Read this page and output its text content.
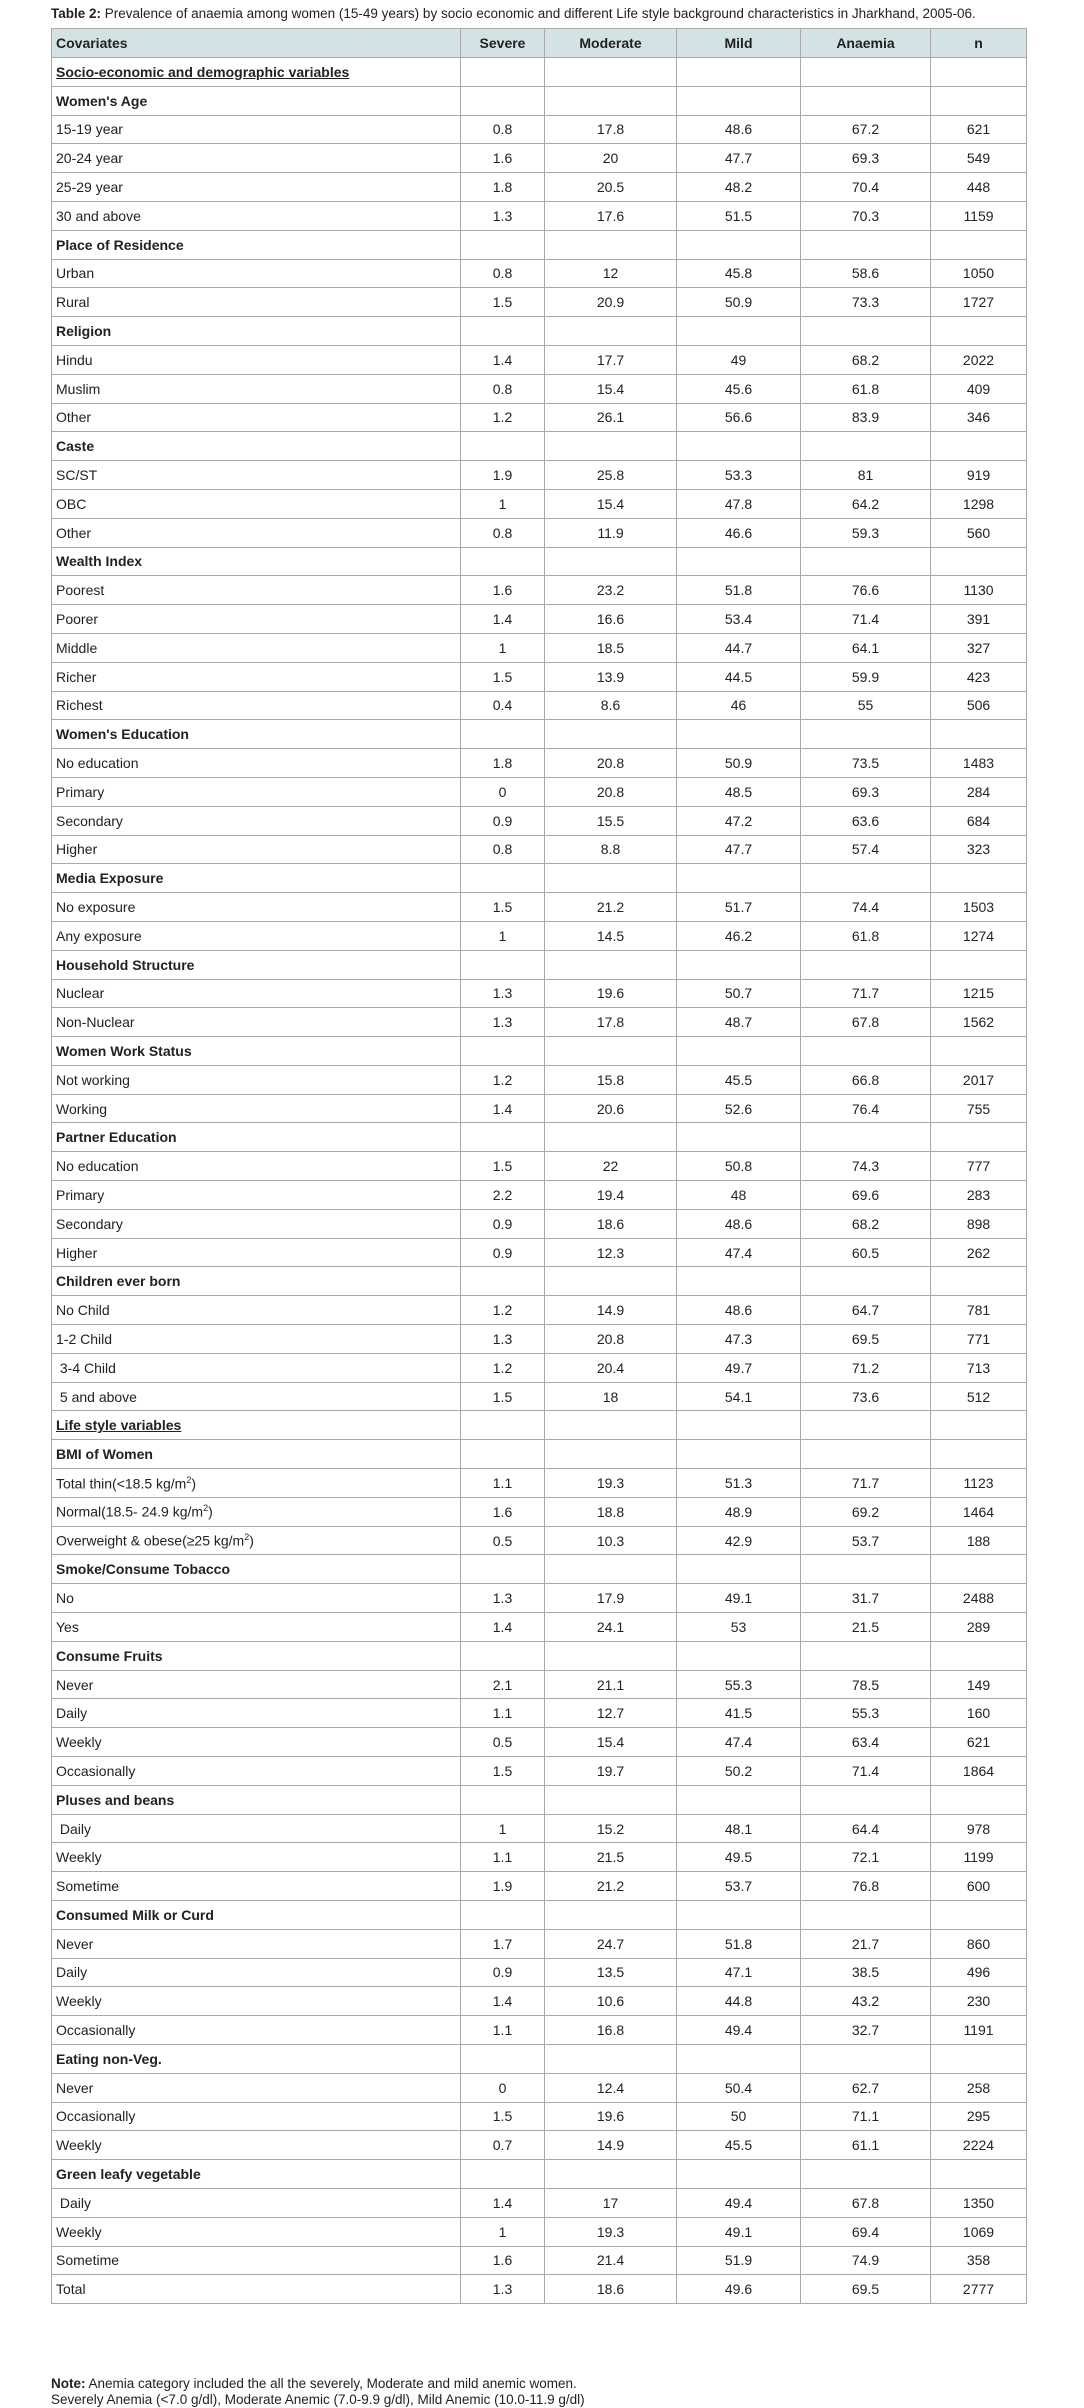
Table 2: Prevalence of anaemia among women (15-49 years) by socio economic and different Life style background characteristics in Jharkhand, 2005-06.
Covariates	Severe	Moderate	Mild	Anaemia	n
Socio-economic and demographic variables					
Women's Age					
15-19 year	0.8	17.8	48.6	67.2	621
20-24 year	1.6	20	47.7	69.3	549
25-29 year	1.8	20.5	48.2	70.4	448
30 and above	1.3	17.6	51.5	70.3	1159
Place of Residence					
Urban	0.8	12	45.8	58.6	1050
Rural	1.5	20.9	50.9	73.3	1727
Religion					
Hindu	1.4	17.7	49	68.2	2022
Muslim	0.8	15.4	45.6	61.8	409
Other	1.2	26.1	56.6	83.9	346
Caste					
SC/ST	1.9	25.8	53.3	81	919
OBC	1	15.4	47.8	64.2	1298
Other	0.8	11.9	46.6	59.3	560
Wealth Index					
Poorest	1.6	23.2	51.8	76.6	1130
Poorer	1.4	16.6	53.4	71.4	391
Middle	1	18.5	44.7	64.1	327
Richer	1.5	13.9	44.5	59.9	423
Richest	0.4	8.6	46	55	506
Women's Education					
No education	1.8	20.8	50.9	73.5	1483
Primary	0	20.8	48.5	69.3	284
Secondary	0.9	15.5	47.2	63.6	684
Higher	0.8	8.8	47.7	57.4	323
Media Exposure					
No exposure	1.5	21.2	51.7	74.4	1503
Any exposure	1	14.5	46.2	61.8	1274
Household Structure					
Nuclear	1.3	19.6	50.7	71.7	1215
Non-Nuclear	1.3	17.8	48.7	67.8	1562
Women Work Status					
Not working	1.2	15.8	45.5	66.8	2017
Working	1.4	20.6	52.6	76.4	755
Partner Education					
No education	1.5	22	50.8	74.3	777
Primary	2.2	19.4	48	69.6	283
Secondary	0.9	18.6	48.6	68.2	898
Higher	0.9	12.3	47.4	60.5	262
Children ever born					
No Child	1.2	14.9	48.6	64.7	781
1-2 Child	1.3	20.8	47.3	69.5	771
3-4 Child	1.2	20.4	49.7	71.2	713
5 and above	1.5	18	54.1	73.6	512
Life style variables					
BMI of Women					
Total thin(<18.5 $kg/m^2$)	1.1	19.3	51.3	71.7	1123
Normal(18.5- 24.9 $kg/m^2$)	1.6	18.8	48.9	69.2	1464
Overweight & obese(≥25 $kg/m^2$)	0.5	10.3	42.9	53.7	188
Smoke/Consume Tobacco					
No	1.3	17.9	49.1	31.7	2488
Yes	1.4	24.1	53	21.5	289
Consume Fruits					
Never	2.1	21.1	55.3	78.5	149
Daily	1.1	12.7	41.5	55.3	160
Weekly	0.5	15.4	47.4	63.4	621
Occasionally	1.5	19.7	50.2	71.4	1864
Pluses and beans					
Daily	1	15.2	48.1	64.4	978
Weekly	1.1	21.5	49.5	72.1	1199
Sometime	1.9	21.2	53.7	76.8	600
Consumed Milk or Curd					
Never	1.7	24.7	51.8	21.7	860
Daily	0.9	13.5	47.1	38.5	496
Weekly	1.4	10.6	44.8	43.2	230
Occasionally	1.1	16.8	49.4	32.7	1191
Eating non-Veg.					
Never	0	12.4	50.4	62.7	258
Occasionally	1.5	19.6	50	71.1	295
Weekly	0.7	14.9	45.5	61.1	2224
Green leafy vegetable					
Daily	1.4	17	49.4	67.8	1350
Weekly	1	19.3	49.1	69.4	1069
Sometime	1.6	21.4	51.9	74.9	358
Total	1.3	18.6	49.6	69.5	2777
Note: Anemia category included the all the severely, Moderate and mild anemic women.
Severely Anemia (<7.0 g/dl), Moderate Anemic (7.0-9.9 g/dl), Mild Anemic (10.0-11.9 g/dl)
